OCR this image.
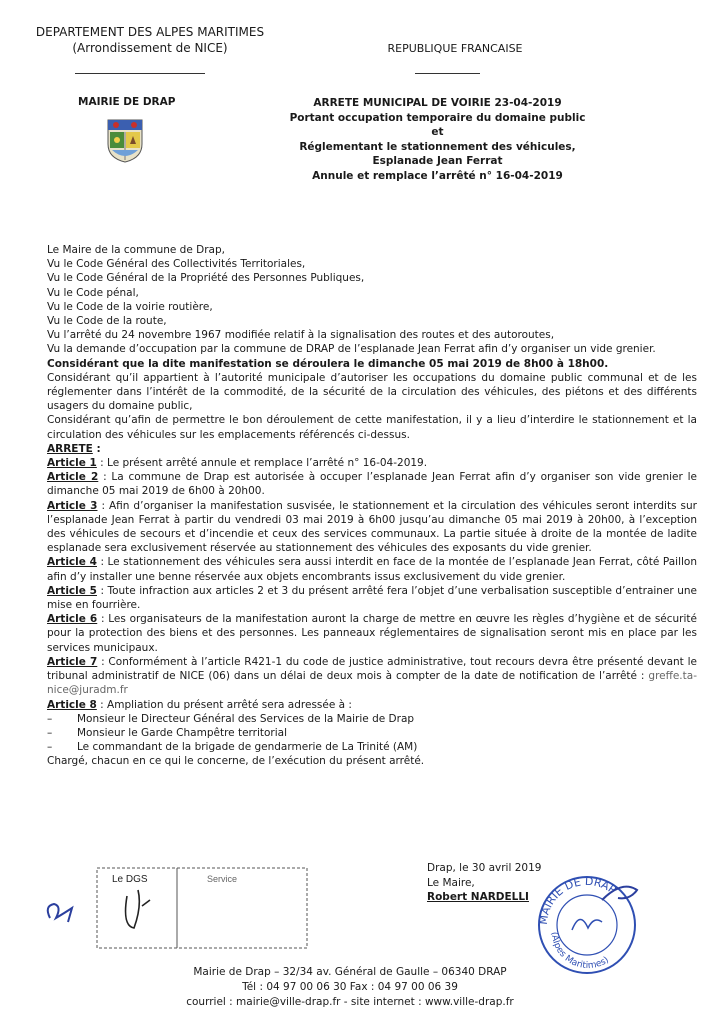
DEPARTEMENT DES ALPES MARITIMES
(Arrondissement de NICE)	REPUBLIQUE FRANCAISE
MAIRIE DE DRAP	ARRETE MUNICIPAL DE VOIRIE 23-04-2019
Portant occupation temporaire du domaine public
et
Réglementant le stationnement des véhicules,
Esplanade Jean Ferrat
Annule et remplace l’arrêté n° 16-04-2019

Le Maire de la commune de Drap,

Vu le Code Général des Collectivités Territoriales,

Vu le Code Général de la Propriété des Personnes Publiques,

Vu le Code pénal,

Vu le Code de la voirie routière,

Vu le Code de la route,

Vu l’arrêté du 24 novembre 1967 modifiée relatif à la signalisation des routes et des autoroutes,

Vu la demande d’occupation par la commune de DRAP de l’esplanade Jean Ferrat afin d’y organiser un vide grenier.

Considérant que la dite manifestation se déroulera le dimanche 05 mai 2019 de 8h00 à 18h00.

Considérant qu’il appartient à l’autorité municipale d’autoriser les occupations du domaine public communal et de les réglementer dans l’intérêt de la commodité, de la sécurité de la circulation des véhicules, des piétons et des différents usagers du domaine public,

Considérant qu’afin de permettre le bon déroulement de cette manifestation, il y a lieu d’interdire le stationnement et la circulation des véhicules sur les emplacements référencés ci-dessus.

ARRETE :

Article 1 : Le présent arrêté annule et remplace l’arrêté n° 16-04-2019.

Article 2 : La commune de Drap est autorisée à occuper l’esplanade Jean Ferrat afin d’y organiser son vide grenier le dimanche 05 mai 2019 de 6h00 à 20h00.

Article 3 : Afin d’organiser la manifestation susvisée, le stationnement et la circulation des véhicules seront interdits sur l’esplanade Jean Ferrat à partir du vendredi 03 mai 2019 à 6h00 jusqu’au dimanche 05 mai 2019 à 20h00, à l’exception des véhicules de secours et d’incendie et ceux des services communaux. La partie située à droite de la montée de ladite esplanade sera exclusivement réservée au stationnement des véhicules des exposants du vide grenier.

Article 4 : Le stationnement des véhicules sera aussi interdit en face de la montée de l’esplanade Jean Ferrat, côté Paillon afin d’y installer une benne réservée aux objets encombrants issus exclusivement du vide grenier.

Article 5 : Toute infraction aux articles 2 et 3 du présent arrêté fera l’objet d’une verbalisation susceptible d’entrainer une mise en fourrière.

Article 6 : Les organisateurs de la manifestation auront la charge de mettre en œuvre les règles d’hygiène et de sécurité pour la protection des biens et des personnes. Les panneaux réglementaires de signalisation seront mis en place par les services municipaux.

Article 7 : Conformément à l’article R421-1 du code de justice administrative, tout recours devra être présenté devant le tribunal administratif de NICE (06) dans un délai de deux mois à compter de la date de notification de l’arrêté : greffe.ta-nice@juradm.fr

Article 8 : Ampliation du présent arrêté sera adressée à :

– Monsieur le Directeur Général des Services de la Mairie de Drap

– Monsieur le Garde Champêtre territorial

– Le commandant de la brigade de gendarmerie de La Trinité (AM)

Chargé, chacun en ce qui le concerne, de l’exécution du présent arrêté.

Le DGS	Service
Drap, le 30 avril 2019
Le Maire,
Robert NARDELLI
MAIRIE DE DRAP
(Alpes Maritimes)
Mairie de Drap – 32/34 av. Général de Gaulle – 06340 DRAP
Tél : 04 97 00 06 30 Fax : 04 97 00 06 39
courriel : mairie@ville-drap.fr - site internet : www.ville-drap.fr
